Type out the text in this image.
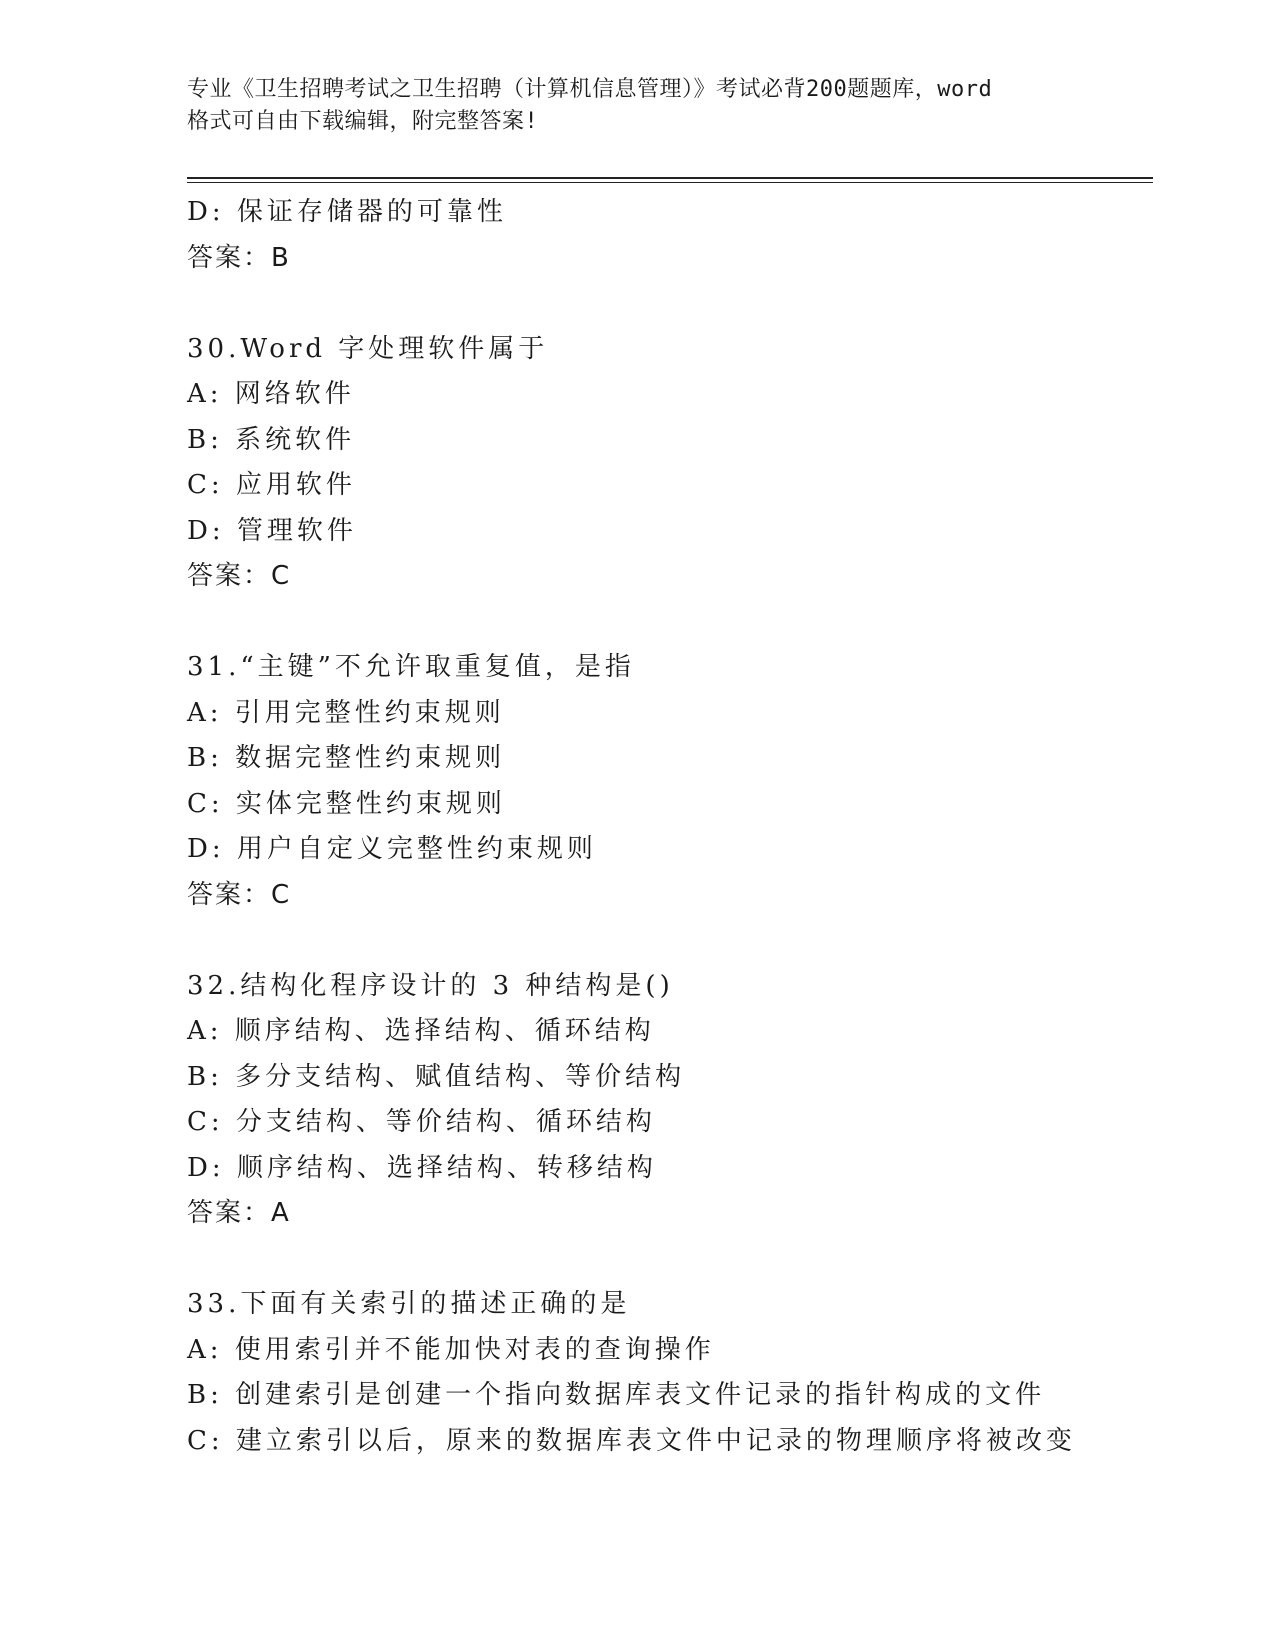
专业《卫生招聘考试之卫生招聘（计算机信息管理）》考试必背200题题库，word
格式可自由下载编辑，附完整答案!
D: 保证存储器的可靠性
答案：B
30.Word 字处理软件属于
A: 网络软件
B: 系统软件
C: 应用软件
D: 管理软件
答案：C
31.“主键”不允许取重复值，是指
A: 引用完整性约束规则
B: 数据完整性约束规则
C: 实体完整性约束规则
D: 用户自定义完整性约束规则
答案：C
32.结构化程序设计的 3 种结构是()
A: 顺序结构、选择结构、循环结构
B: 多分支结构、赋值结构、等价结构
C: 分支结构、等价结构、循环结构
D: 顺序结构、选择结构、转移结构
答案：A
33.下面有关索引的描述正确的是
A: 使用索引并不能加快对表的查询操作
B: 创建索引是创建一个指向数据库表文件记录的指针构成的文件
C: 建立索引以后，原来的数据库表文件中记录的物理顺序将被改变
